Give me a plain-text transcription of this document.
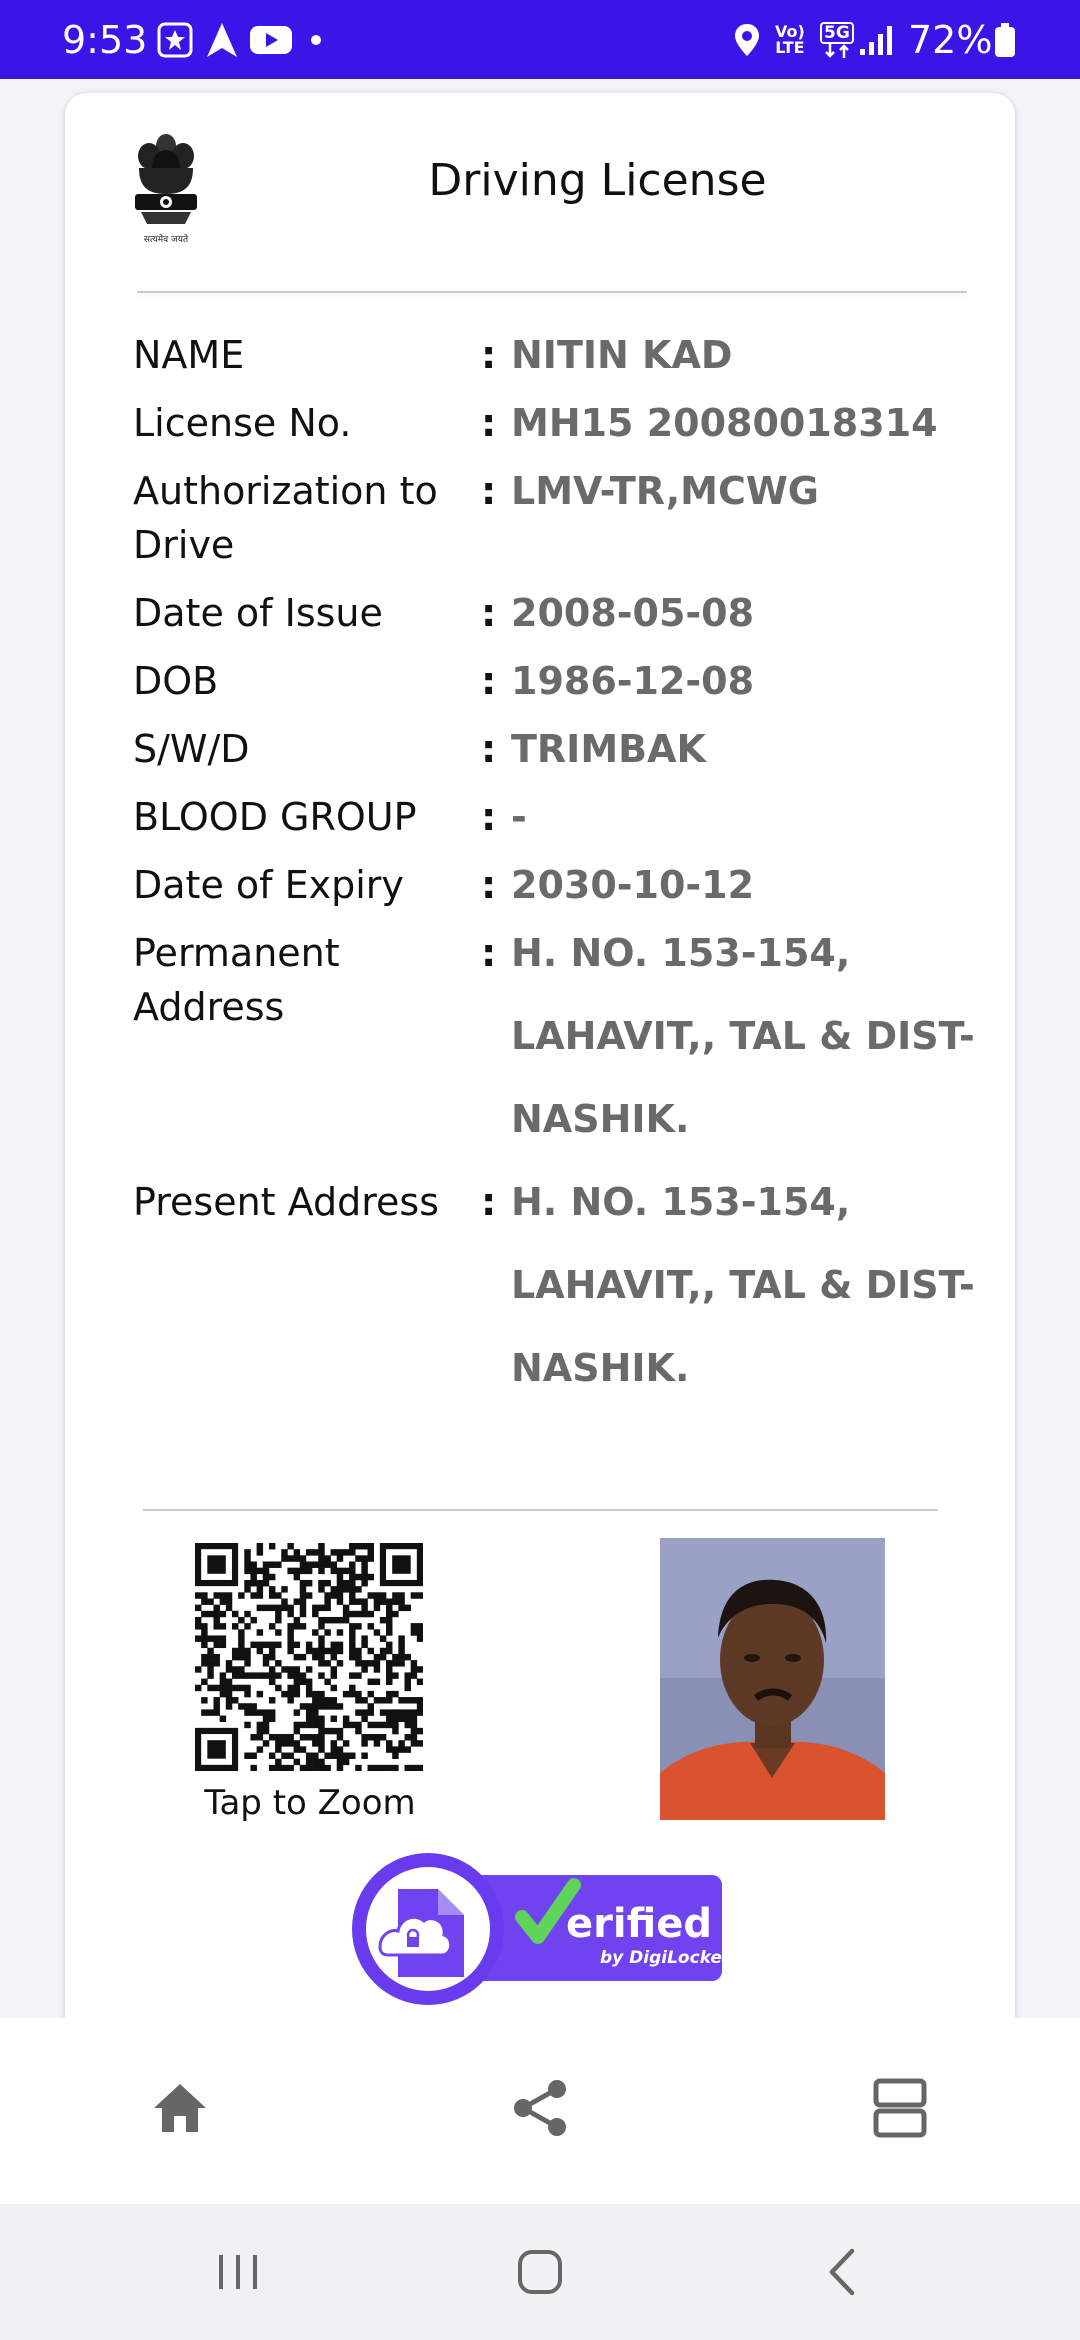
9:53	Vo)
LTE
5G 72%
सत्यमेव जयते
Driving License
NAME	: NITIN KAD
License No.	: MH15 20080018314
Authorization to Drive
: LMV-TR,MCWG
Date of Issue	: 2008-05-08
DOB	: 1986-12-08
S/W/D	: TRIMBAK
BLOOD GROUP	: -
Date of Expiry	: 2030-10-12
Permanent Address
: H. NO. 153-154,
LAHAVIT,, TAL & DIST-
NASHIK.
Present Address	: H. NO. 153-154,
LAHAVIT,, TAL & DIST-
NASHIK.
Tap to Zoom
erified
by DigiLocker
